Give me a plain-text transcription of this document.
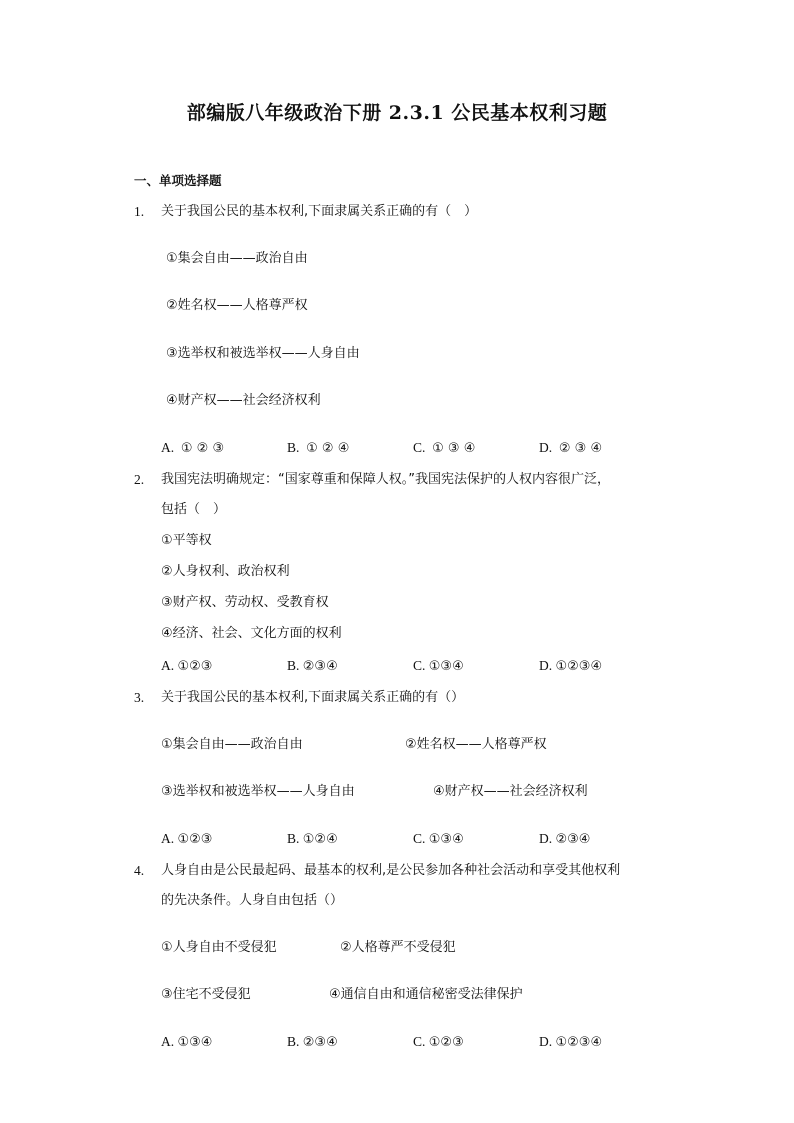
部编版八年级政治下册 2.3.1 公民基本权利习题
一、单项选择题
1. 关于我国公民的基本权利,下面隶属关系正确的有（　）
①集会自由——政治自由
②姓名权——人格尊严权
③选举权和被选举权——人身自由
④财产权——社会经济权利
A. ① ② ③	B. ① ② ④	C. ① ③ ④	D. ② ③ ④
2. 我国宪法明确规定：“国家尊重和保障人权。”我国宪法保护的人权内容很广泛，
包括（　）
①平等权
②人身权利、政治权利
③财产权、劳动权、受教育权
④经济、社会、文化方面的权利
A. ①②③	B. ②③④	C. ①③④	D. ①②③④
3. 关于我国公民的基本权利,下面隶属关系正确的有（）
①集会自由——政治自由	②姓名权——人格尊严权
③选举权和被选举权——人身自由	④财产权——社会经济权利
A. ①②③	B. ①②④	C. ①③④	D. ②③④
4. 人身自由是公民最起码、最基本的权利,是公民参加各种社会活动和享受其他权利
的先决条件。人身自由包括（）
①人身自由不受侵犯	②人格尊严不受侵犯
③住宅不受侵犯	④通信自由和通信秘密受法律保护
A. ①③④	B. ②③④	C. ①②③	D. ①②③④
